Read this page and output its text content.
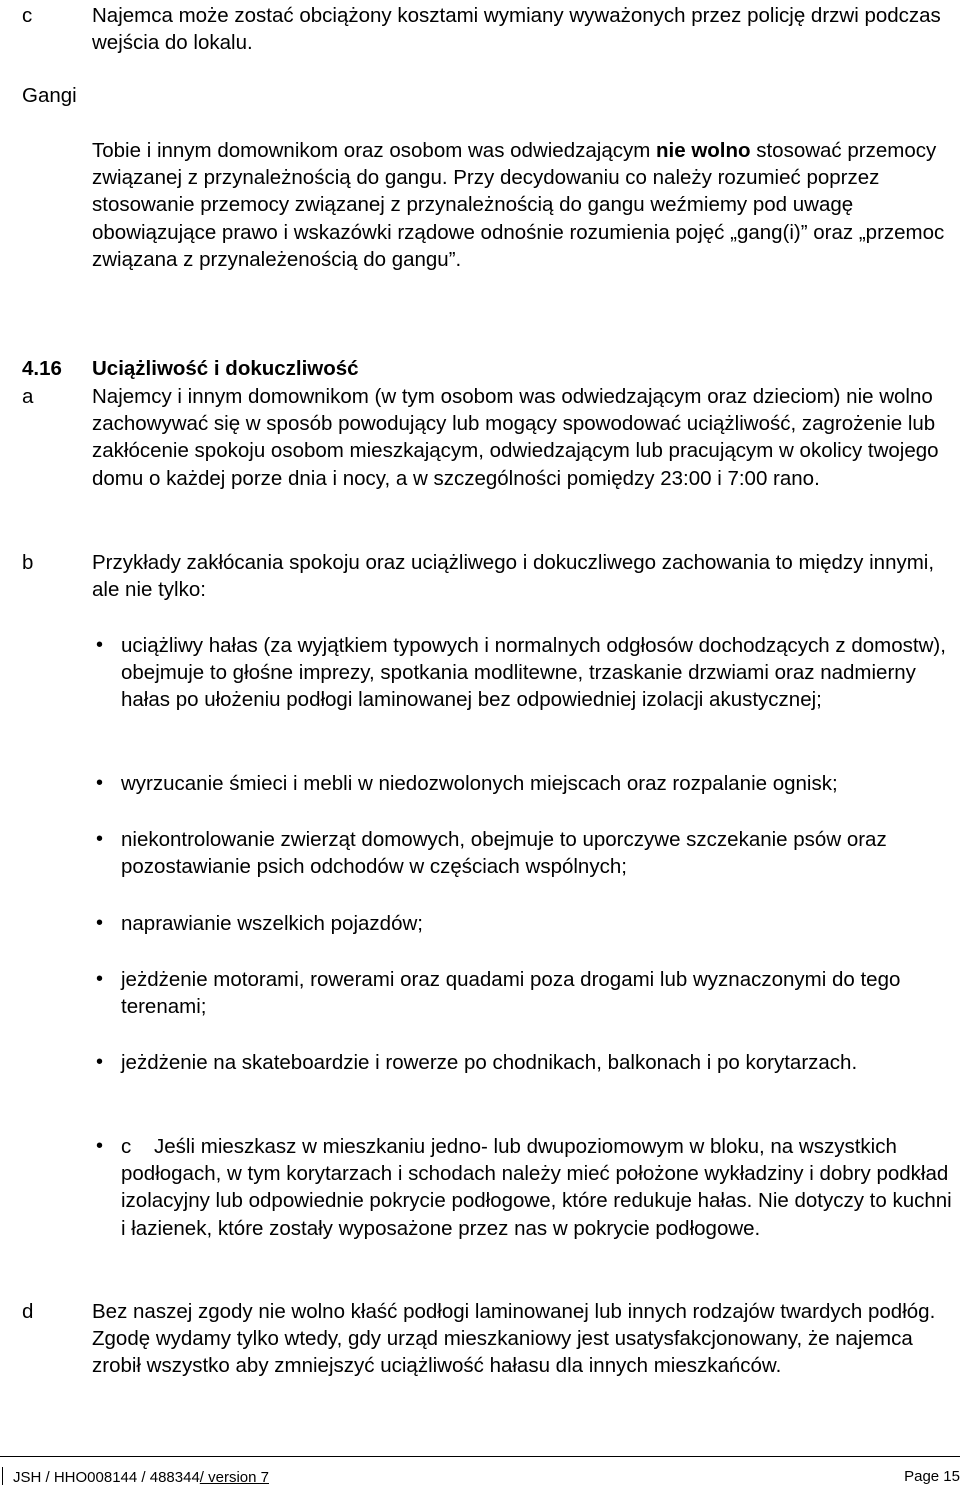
c	Najemca może zostać obciążony kosztami wymiany wyważonych przez policję drzwi podczas wejścia do lokalu.

Gangi

Tobie i innym domownikom oraz osobom was odwiedzającym nie wolno stosować przemocy związanej z przynależnością do gangu. Przy decydowaniu co należy rozumieć poprzez stosowanie przemocy związanej z przynależnością do gangu weźmiemy pod uwagę obowiązujące prawo i wskazówki rządowe odnośnie rozumienia pojęć „gang(i)” oraz „przemoc związana z przynależenością do gangu”.

4.16 Uciążliwość i dokuczliwość

a	Najemcy i innym domownikom (w tym osobom was odwiedzającym oraz dzieciom) nie wolno zachowywać się w sposób powodujący lub mogący spowodować uciążliwość, zagrożenie lub zakłócenie spokoju osobom mieszkającym, odwiedzającym lub pracującym w okolicy twojego domu o każdej porze dnia i nocy, a w szczególności pomiędzy 23:00 i 7:00 rano.

b	Przykłady zakłócania spokoju oraz uciążliwego i dokuczliwego zachowania to między innymi, ale nie tylko:

• uciążliwy hałas (za wyjątkiem typowych i normalnych odgłosów dochodzących z domostw), obejmuje to głośne imprezy, spotkania modlitewne, trzaskanie drzwiami oraz nadmierny hałas po ułożeniu podłogi laminowanej bez odpowiedniej izolacji akustycznej;

• wyrzucanie śmieci i mebli w niedozwolonych miejscach oraz rozpalanie ognisk;

• niekontrolowanie zwierząt domowych, obejmuje to uporczywe szczekanie psów oraz pozostawianie psich odchodów w częściach wspólnych;

• naprawianie wszelkich pojazdów;

• jeżdżenie motorami, rowerami oraz quadami poza drogami lub wyznaczonymi do tego terenami;

• jeżdżenie na skateboardzie i rowerze po chodnikach, balkonach i po korytarzach.

• c    Jeśli mieszkasz w mieszkaniu jedno- lub dwupoziomowym w bloku, na wszystkich podłogach, w tym korytarzach i schodach należy mieć położone wykładziny i dobry podkład izolacyjny lub odpowiednie pokrycie podłogowe, które redukuje hałas. Nie dotyczy to kuchni i łazienek, które zostały wyposażone przez nas w pokrycie podłogowe.

d	Bez naszej zgody nie wolno kłaść podłogi laminowanej lub innych rodzajów twardych podłóg. Zgodę wydamy tylko wtedy, gdy urząd mieszkaniowy jest usatysfakcjonowany, że najemca zrobił wszystko aby zmniejszyć uciążliwość hałasu dla innych mieszkańców.

JSH / HHO008144 / 488344/ version 7	Page 15
